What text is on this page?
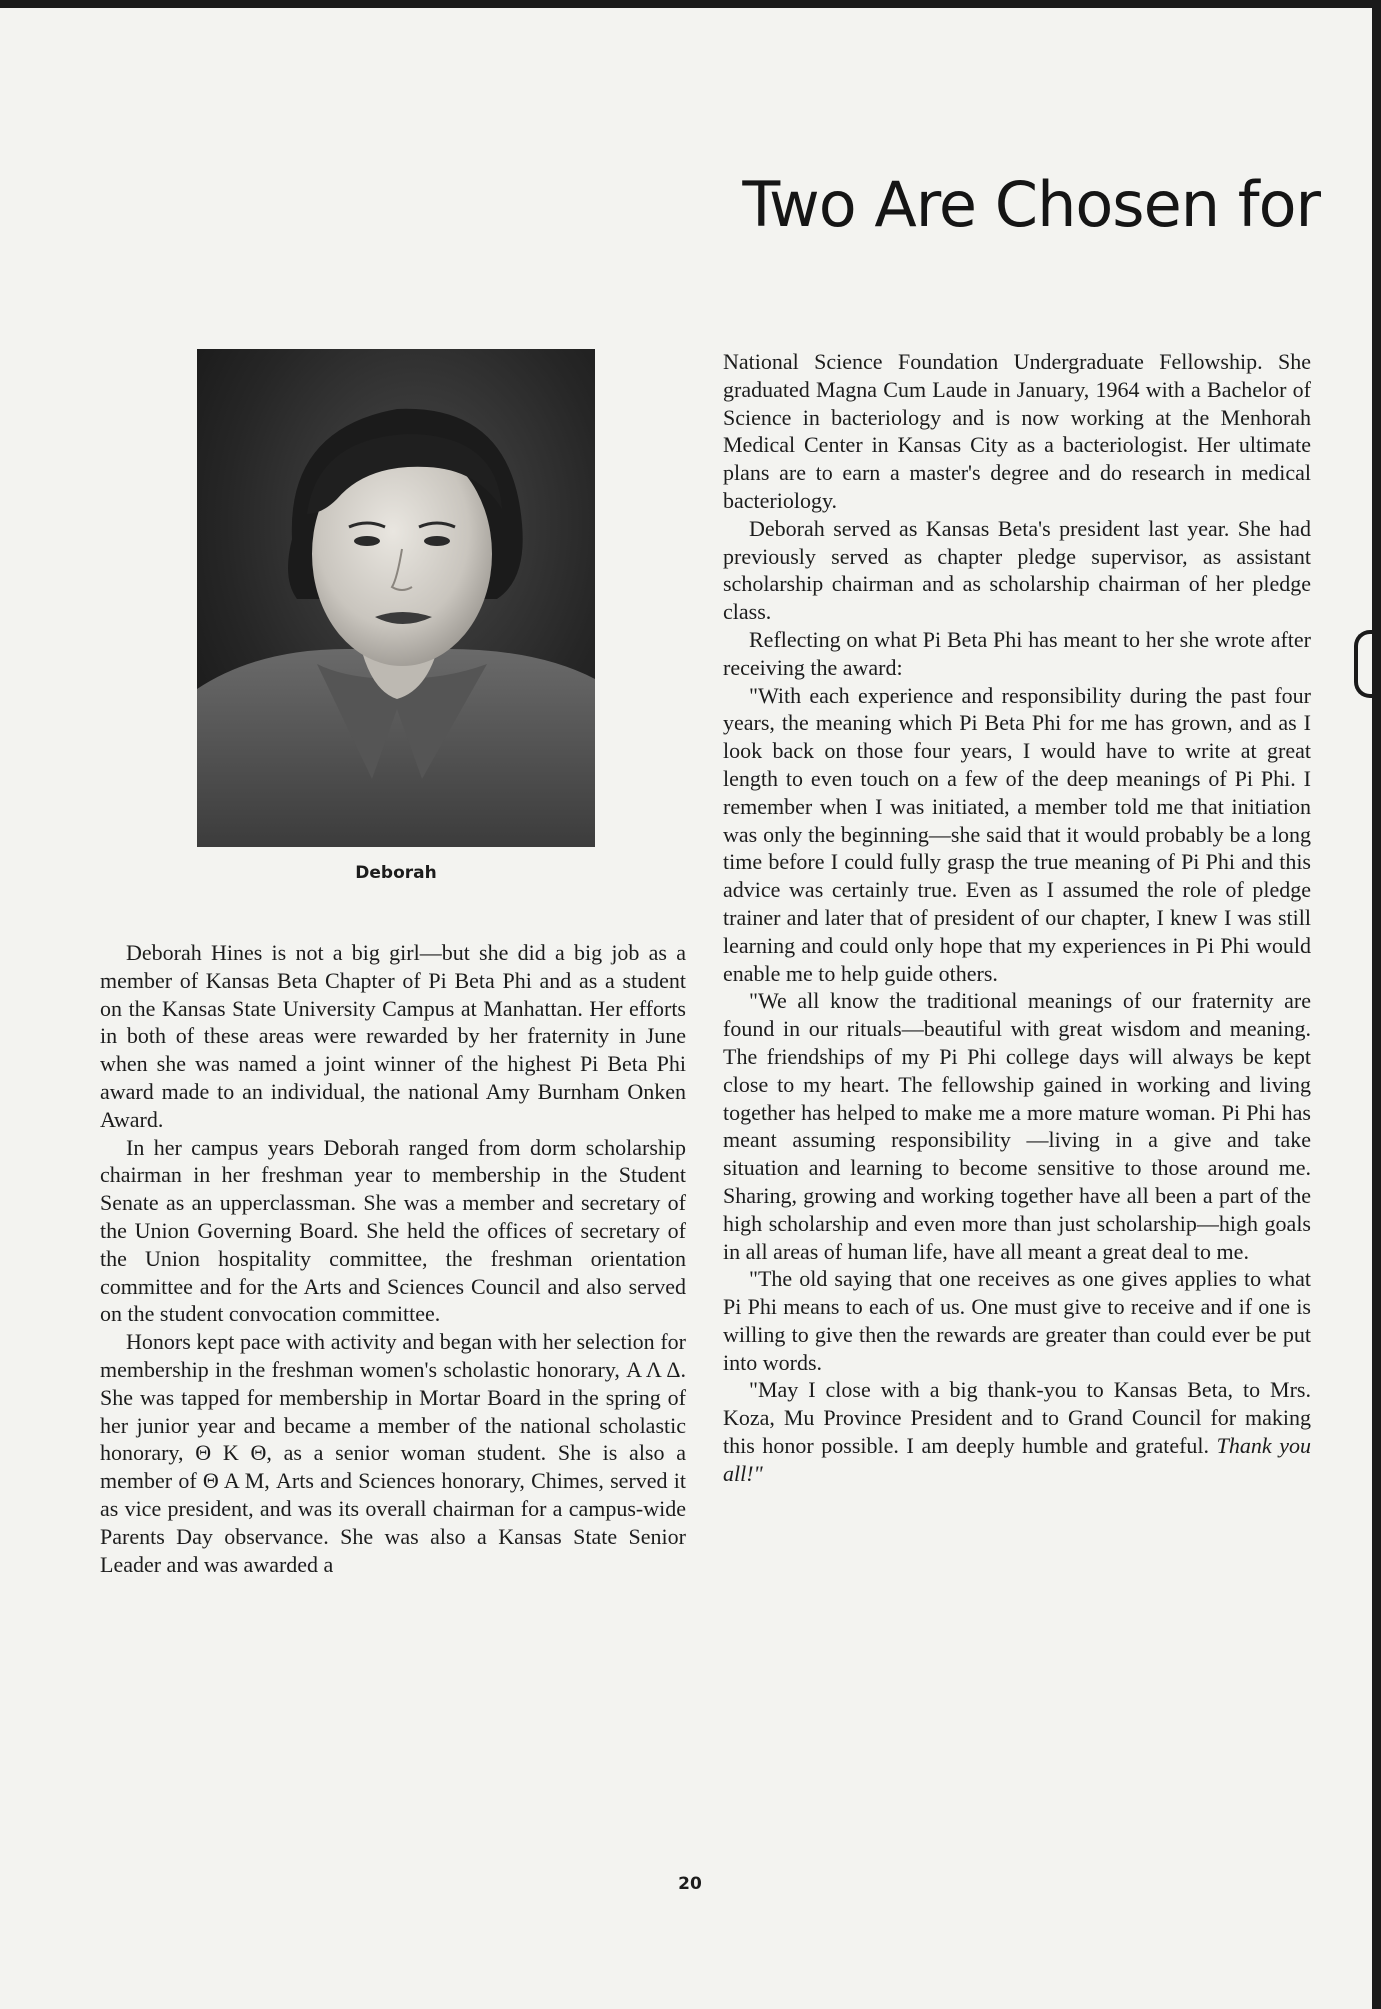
Two Are Chosen for
Deborah

Deborah Hines is not a big girl—but she did a big job as a member of Kansas Beta Chapter of Pi Beta Phi and as a student on the Kansas State University Campus at Manhattan. Her efforts in both of these areas were rewarded by her fraternity in June when she was named a joint winner of the highest Pi Beta Phi award made to an individual, the national Amy Burnham Onken Award.

In her campus years Deborah ranged from dorm scholarship chairman in her freshman year to membership in the Student Senate as an upperclassman. She was a member and secretary of the Union Governing Board. She held the offices of secretary of the Union hospitality committee, the freshman orientation committee and for the Arts and Sciences Council and also served on the student convocation committee.

Honors kept pace with activity and began with her selection for membership in the freshman women's scholastic honorary, Α Λ Δ. She was tapped for membership in Mortar Board in the spring of her junior year and became a member of the national scholastic honorary, Θ Κ Θ, as a senior woman student. She is also a member of Θ Α Μ, Arts and Sciences honorary, Chimes, served it as vice president, and was its overall chairman for a campus-wide Parents Day observance. She was also a Kansas State Senior Leader and was awarded a

National Science Foundation Undergraduate Fellowship. She graduated Magna Cum Laude in January, 1964 with a Bachelor of Science in bacteriology and is now working at the Menhorah Medical Center in Kansas City as a bacteriologist. Her ultimate plans are to earn a master's degree and do research in medical bacteriology.

Deborah served as Kansas Beta's president last year. She had previously served as chapter pledge supervisor, as assistant scholarship chairman and as scholarship chairman of her pledge class.

Reflecting on what Pi Beta Phi has meant to her she wrote after receiving the award:

"With each experience and responsibility during the past four years, the meaning which Pi Beta Phi for me has grown, and as I look back on those four years, I would have to write at great length to even touch on a few of the deep meanings of Pi Phi. I remember when I was initiated, a member told me that initiation was only the beginning—she said that it would probably be a long time before I could fully grasp the true meaning of Pi Phi and this advice was certainly true. Even as I assumed the role of pledge trainer and later that of president of our chapter, I knew I was still learning and could only hope that my experiences in Pi Phi would enable me to help guide others.

"We all know the traditional meanings of our fraternity are found in our rituals—beautiful with great wisdom and meaning. The friendships of my Pi Phi college days will always be kept close to my heart. The fellowship gained in working and living together has helped to make me a more mature woman. Pi Phi has meant assuming responsibility —living in a give and take situation and learning to become sensitive to those around me. Sharing, growing and working together have all been a part of the high scholarship and even more than just scholarship—high goals in all areas of human life, have all meant a great deal to me.

"The old saying that one receives as one gives applies to what Pi Phi means to each of us. One must give to receive and if one is willing to give then the rewards are greater than could ever be put into words.

"May I close with a big thank-you to Kansas Beta, to Mrs. Koza, Mu Province President and to Grand Council for making this honor possible. I am deeply humble and grateful. Thank you all!"

20
